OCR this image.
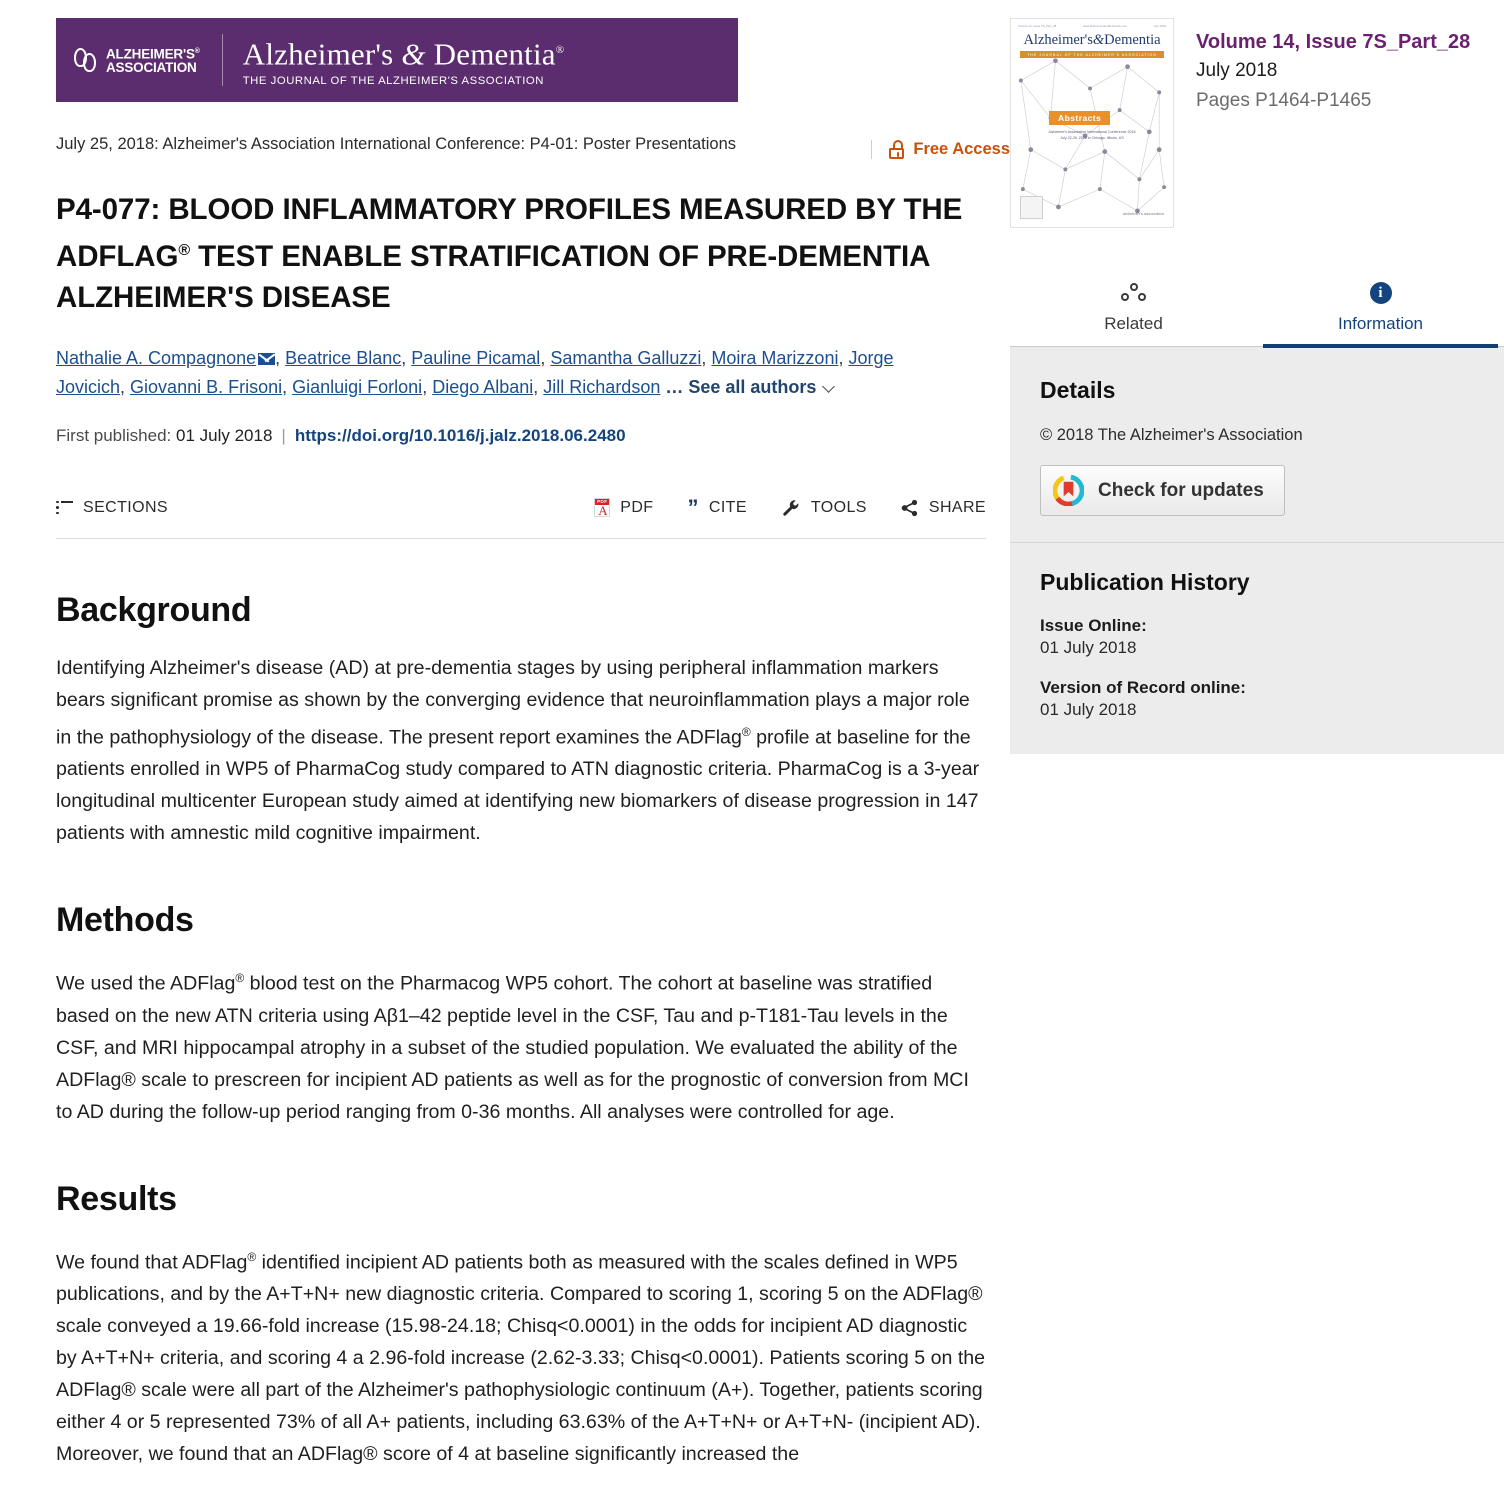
ALZHEIMER'S®
ASSOCIATION Alzheimer's & Dementia®
THE JOURNAL OF THE ALZHEIMER'S ASSOCIATION
July 25, 2018: Alzheimer's Association International Conference: P4-01: Poster Presentations	Free Access
P4-077: BLOOD INFLAMMATORY PROFILES MEASURED BY THE ADFLAG® TEST ENABLE STRATIFICATION OF PRE-DEMENTIA ALZHEIMER'S DISEASE
Nathalie A. Compagnone , Beatrice Blanc, Pauline Picamal, Samantha Galluzzi, Moira Marizzoni, Jorge Jovicich, Giovanni B. Frisoni, Gianluigi Forloni, Diego Albani, Jill Richardson … See all authors
First published: 01 July 2018 | https://doi.org/10.1016/j.jalz.2018.06.2480
SECTIONS PDF A	PDF ” CITE	TOOLS	SHARE
Background

Identifying Alzheimer's disease (AD) at pre-dementia stages by using peripheral inflammation markers bears significant promise as shown by the converging evidence that neuroinflammation plays a major role in the pathophysiology of the disease. The present report examines the ADFlag® profile at baseline for the patients enrolled in WP5 of PharmaCog study compared to ATN diagnostic criteria. PharmaCog is a 3-year longitudinal multicenter European study aimed at identifying new biomarkers of disease progression in 147 patients with amnestic mild cognitive impairment.

Methods

We used the ADFlag® blood test on the Pharmacog WP5 cohort. The cohort at baseline was stratified based on the new ATN criteria using Aβ1–42 peptide level in the CSF, Tau and p-T181-Tau levels in the CSF, and MRI hippocampal atrophy in a subset of the studied population. We evaluated the ability of the ADFlag® scale to prescreen for incipient AD patients as well as for the prognostic of conversion from MCI to AD during the follow-up period ranging from 0-36 months. All analyses were controlled for age.

Results

We found that ADFlag® identified incipient AD patients both as measured with the scales defined in WP5 publications, and by the A+T+N+ new diagnostic criteria. Compared to scoring 1, scoring 5 on the ADFlag® scale conveyed a 19.66-fold increase (15.98-24.18; Chisq<0.0001) in the odds for incipient AD diagnostic by A+T+N+ criteria, and scoring 4 a 2.96-fold increase (2.62-3.33; Chisq<0.0001). Patients scoring 5 on the ADFlag® scale were all part of the Alzheimer's pathophysiologic continuum (A+). Together, patients scoring either 4 or 5 represented 73% of all A+ patients, including 63.63% of the A+T+N+ or A+T+N- (incipient AD). Moreover, we found that an ADFlag® score of 4 at baseline significantly increased the

Volume 14, Issue 7S_Part_28	www.alzheimersanddementia.com	July 2018
Alzheimer's&Dementia
THE JOURNAL OF THE ALZHEIMER'S ASSOCIATION
Abstracts
Alzheimer's Association International Conference 2018
July 22-26, 2018 in Chicago, Illinois, US
alzheimer's association
Volume 14, Issue 7S_Part_28
July 2018
Pages P1464-P1465
Related
i
Information
Details
© 2018 The Alzheimer's Association
Check for updates
Publication History
Issue Online:
01 July 2018
Version of Record online:
01 July 2018
